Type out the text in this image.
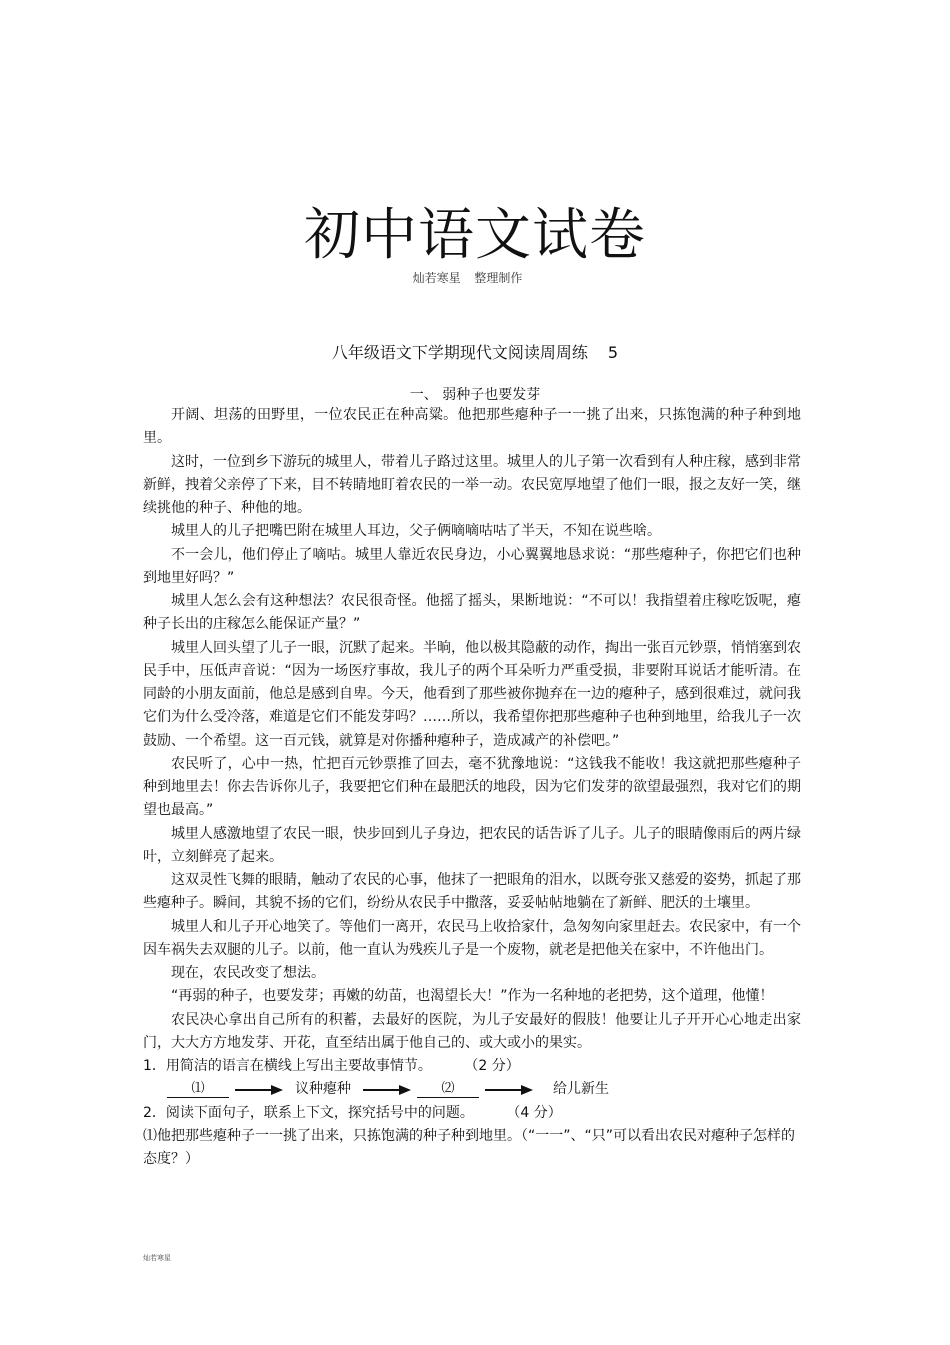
初中语文试卷
灿若寒星 整理制作
八年级语文下学期现代文阅读周周练 5
一、 弱种子也要发芽

开阔、坦荡的田野里，一位农民正在种高粱。他把那些瘪种子一一挑了出来，只拣饱满的种子种到地里。

这时，一位到乡下游玩的城里人，带着儿子路过这里。城里人的儿子第一次看到有人种庄稼，感到非常新鲜，拽着父亲停了下来，目不转睛地盯着农民的一举一动。农民宽厚地望了他们一眼，报之友好一笑，继续挑他的种子、种他的地。

城里人的儿子把嘴巴附在城里人耳边，父子俩嘀嘀咕咕了半天，不知在说些啥。

不一会儿，他们停止了嘀咕。城里人靠近农民身边，小心翼翼地恳求说：“那些瘪种子，你把它们也种到地里好吗？”

城里人怎么会有这种想法？农民很奇怪。他摇了摇头，果断地说：“不可以！我指望着庄稼吃饭呢，瘪种子长出的庄稼怎么能保证产量？”

城里人回头望了儿子一眼，沉默了起来。半晌，他以极其隐蔽的动作，掏出一张百元钞票，悄悄塞到农民手中，压低声音说：“因为一场医疗事故，我儿子的两个耳朵听力严重受损，非要附耳说话才能听清。在同龄的小朋友面前，他总是感到自卑。今天，他看到了那些被你抛弃在一边的瘪种子，感到很难过，就问我它们为什么受冷落，难道是它们不能发芽吗？……所以，我希望你把那些瘪种子也种到地里，给我儿子一次鼓励、一个希望。这一百元钱，就算是对你播种瘪种子，造成减产的补偿吧。”

农民听了，心中一热，忙把百元钞票推了回去，毫不犹豫地说：“这钱我不能收！我这就把那些瘪种子种到地里去！你去告诉你儿子，我要把它们种在最肥沃的地段，因为它们发芽的欲望最强烈，我对它们的期望也最高。”

城里人感激地望了农民一眼，快步回到儿子身边，把农民的话告诉了儿子。儿子的眼睛像雨后的两片绿叶，立刻鲜亮了起来。

这双灵性飞舞的眼睛，触动了农民的心事，他抹了一把眼角的泪水，以既夸张又慈爱的姿势，抓起了那些瘪种子。瞬间，其貌不扬的它们，纷纷从农民手中撒落，妥妥帖帖地躺在了新鲜、肥沃的土壤里。

城里人和儿子开心地笑了。等他们一离开，农民马上收拾家什，急匆匆向家里赶去。农民家中，有一个因车祸失去双腿的儿子。以前，他一直认为残疾儿子是一个废物，就老是把他关在家中，不许他出门。

现在，农民改变了想法。

“再弱的种子，也要发芽；再嫩的幼苗，也渴望长大！”作为一名种地的老把势，这个道理，他懂！

农民决心拿出自己所有的积蓄，去最好的医院，为儿子安最好的假肢！他要让儿子开开心心地走出家门，大大方方地发芽、开花，直至结出属于他自己的、或大或小的果实。

1．用简洁的语言在横线上写出主要故事情节。 （2 分）
⑴	议种瘪种	⑵	给儿新生
2．阅读下面句子，联系上下文，探究括号中的问题。 （4 分）
⑴他把那些瘪种子一一挑了出来，只拣饱满的种子种到地里。（“一一”、“只”可以看出农民对瘪种子怎样的态度？）
灿若寒星
